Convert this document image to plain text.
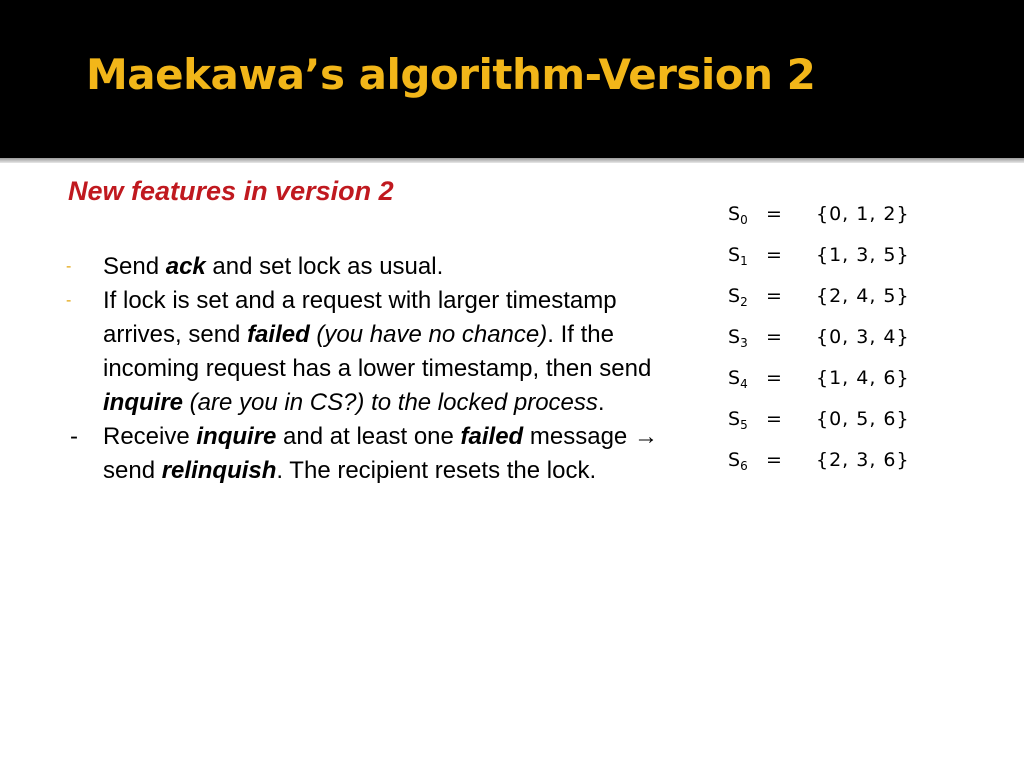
Maekawa’s algorithm-Version 2
New features in version 2
- Send ack and set lock as usual.
- If lock is set and a request with larger timestamp arrives, send failed (you have no chance). If the incoming request has a lower timestamp, then send inquire (are you in CS?) to the locked process.
- Receive inquire and at least one failed message → send relinquish. The recipient resets the lock.
$S_0 = \{0$, 1, 2}
$S_1 = \{1$, 3, 5}
$S_2 = \{2$, 4, 5}
$S_3 = \{0$, 3, 4}
$S_4 = \{1$, 4, 6}
$S_5 = \{0$, 5, 6}
$S_6 = \{2$, 3, 6}
